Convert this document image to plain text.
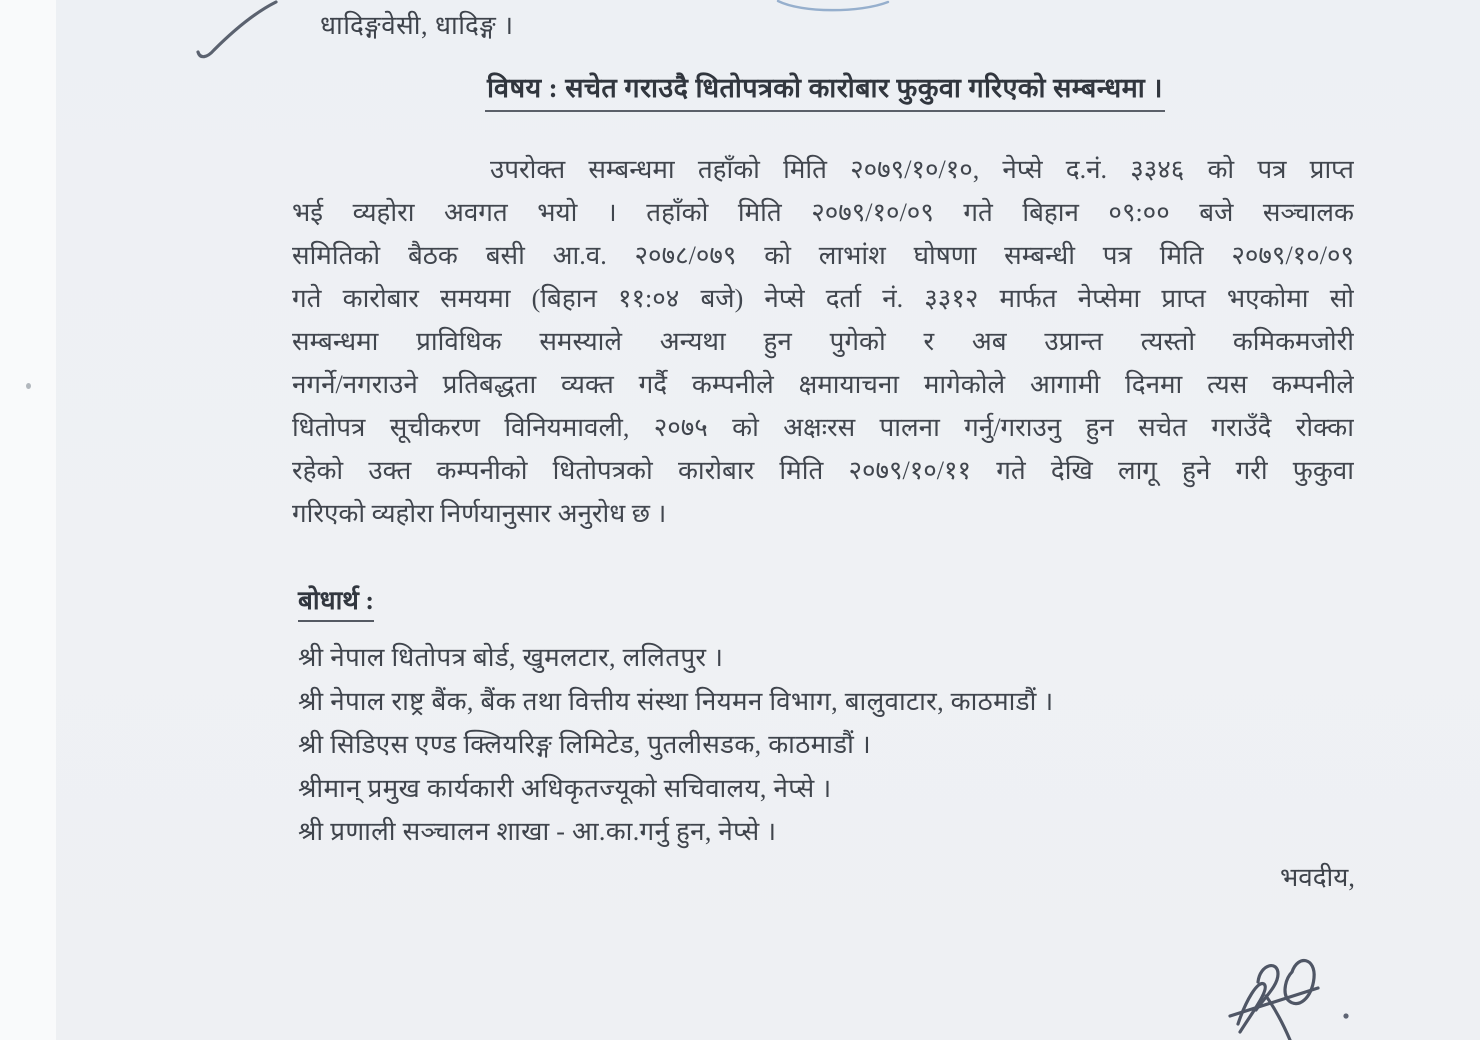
धादिङ्गवेसी, धादिङ्ग ।
विषय : सचेत गराउदै धितोपत्रको कारोबार फुकुवा गरिएको सम्बन्धमा ।
उपरोक्त सम्बन्धमा तहाँको मिति २०७९/१०/१०, नेप्से द.नं. ३३४६ को पत्र प्राप्त
भई व्यहोरा अवगत भयो । तहाँको मिति २०७९/१०/०९ गते बिहान ०९:०० बजे सञ्चालक
समितिको बैठक बसी आ.व. २०७८/०७९ को लाभांश घोषणा सम्बन्धी पत्र मिति २०७९/१०/०९
गते कारोबार समयमा (बिहान ११:०४ बजे) नेप्से दर्ता नं. ३३१२ मार्फत नेप्सेमा प्राप्त भएकोमा सो
सम्बन्धमा प्राविधिक समस्याले अन्यथा हुन पुगेको र अब उप्रान्त त्यस्तो कमिकमजोरी
नगर्ने/नगराउने प्रतिबद्धता व्यक्त गर्दै कम्पनीले क्षमायाचना मागेकोले आगामी दिनमा त्यस कम्पनीले
धितोपत्र सूचीकरण विनियमावली, २०७५ को अक्षःरस पालना गर्नु/गराउनु हुन सचेत गराउँदै रोक्का
रहेको उक्त कम्पनीको धितोपत्रको कारोबार मिति २०७९/१०/११ गते देखि लागू हुने गरी फुकुवा
गरिएको व्यहोरा निर्णयानुसार अनुरोध छ ।
बोधार्थ :
श्री नेपाल धितोपत्र बोर्ड, खुमलटार, ललितपुर ।
श्री नेपाल राष्ट्र बैंक, बैंक तथा वित्तीय संस्था नियमन विभाग, बालुवाटार, काठमाडौं ।
श्री सिडिएस एण्ड क्लियरिङ्ग लिमिटेड, पुतलीसडक, काठमाडौं ।
श्रीमान् प्रमुख कार्यकारी अधिकृतज्यूको सचिवालय, नेप्से ।
श्री प्रणाली सञ्चालन शाखा - आ.का.गर्नु हुन, नेप्से ।
भवदीय,
